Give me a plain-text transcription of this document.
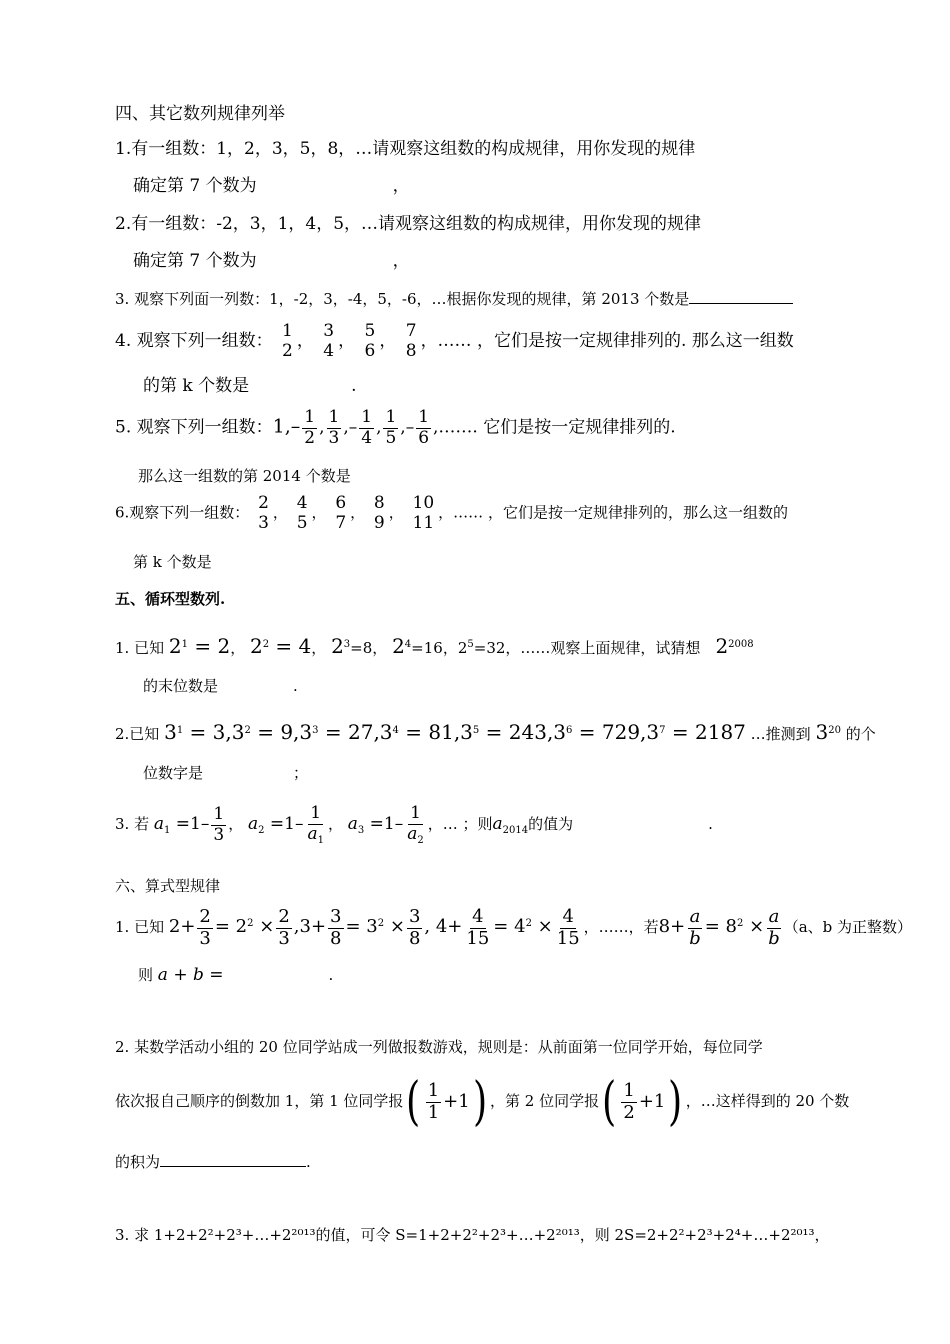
四、其它数列规律列举
1.有一组数：1，2，3，5，8，…请观察这组数的构成规律，用你发现的规律
确定第 7 个数为　　　　　　　　，
2.有一组数：-2，3，1，4，5，…请观察这组数的构成规律，用你发现的规律
确定第 7 个数为　　　　　　　　，
3. 观察下列面一列数：1，-2，3，-4，5，-6，…根据你发现的规律，第 2013 个数是
4. 观察下列一组数：
1
2 ，
3
4 ，
5
6 ，
7
8 ，…… ，它们是按一定规律排列的. 那么这一组数
的第 k 个数是　　　　　　.
5. 观察下列一组数：$1,- \frac{1}{2}$ , $\frac{1}{3}$ ,– $\frac{1}{4}$ , $\frac{1}{5}$ ,– $\frac{1}{6}$ ,……. 它们是按一定规律排列的.
那么这一组数的第 2014 个数是
6.观察下列一组数： 2
3 ， 4
5 ， 6
7 ， 8
9 ， 10
11 ，…… ，它们是按一定规律排列的，那么这一组数的
第 k 个数是
五、循环型数列.
1. 已知 $2^1 = 2$， $2^2 = 4$， $2^3=8$， $2^4=16$，$2^5=32$，……观察上面规律，试猜想　 $2^{2008}$
的末位数是　　　　　.
2.已知 $3^1 = 3,3^2 = 9,3^3 = 27,3^4 = 81,3^5 = 243,3^6 = 729,3^7 = 2187$ …推测到 $3^{20}$ 的个
位数字是　　　　　　；
3. 若 $a_1 =1- \frac{1}{3}$ ， $a_2 =1- \frac{1}{a_1}$ ， $a_3 =1- \frac{1}{a_2}$ ，… ；则$a_{2014}$的值为　　　　　　　　　.
六、算式型规律
1. 已知 $2+ \frac{2}{3} = 2^2 \times \frac{2}{3} ,3+ \frac{3}{8} = 3^2 \times \frac{3}{8}$ , $4+ \frac{4}{15} = 4^2 \times \frac{4}{15}$ ，……，若$8+ \frac{a}{b} = 8^2 \times \frac{a}{b} (a$、b 为正整数）
则 a + b =　　　　　　　.
2. 某数学活动小组的 20 位同学站成一列做报数游戏，规则是：从前面第一位同学开始，每位同学
依次报自己顺序的倒数加 1，第 1 位同学报 ( $\frac{1}{1} +1$ ) ，第 2 位同学报 ( $\frac{1}{2} +1$ ) ，…这样得到的 20 个数
的积为	.
3. 求 1+2+2²+2³+…+2²⁰¹³的值，可令 S=1+2+2²+2³+…+2²⁰¹³，则 2S=2+2²+2³+2⁴+…+2²⁰¹³，
